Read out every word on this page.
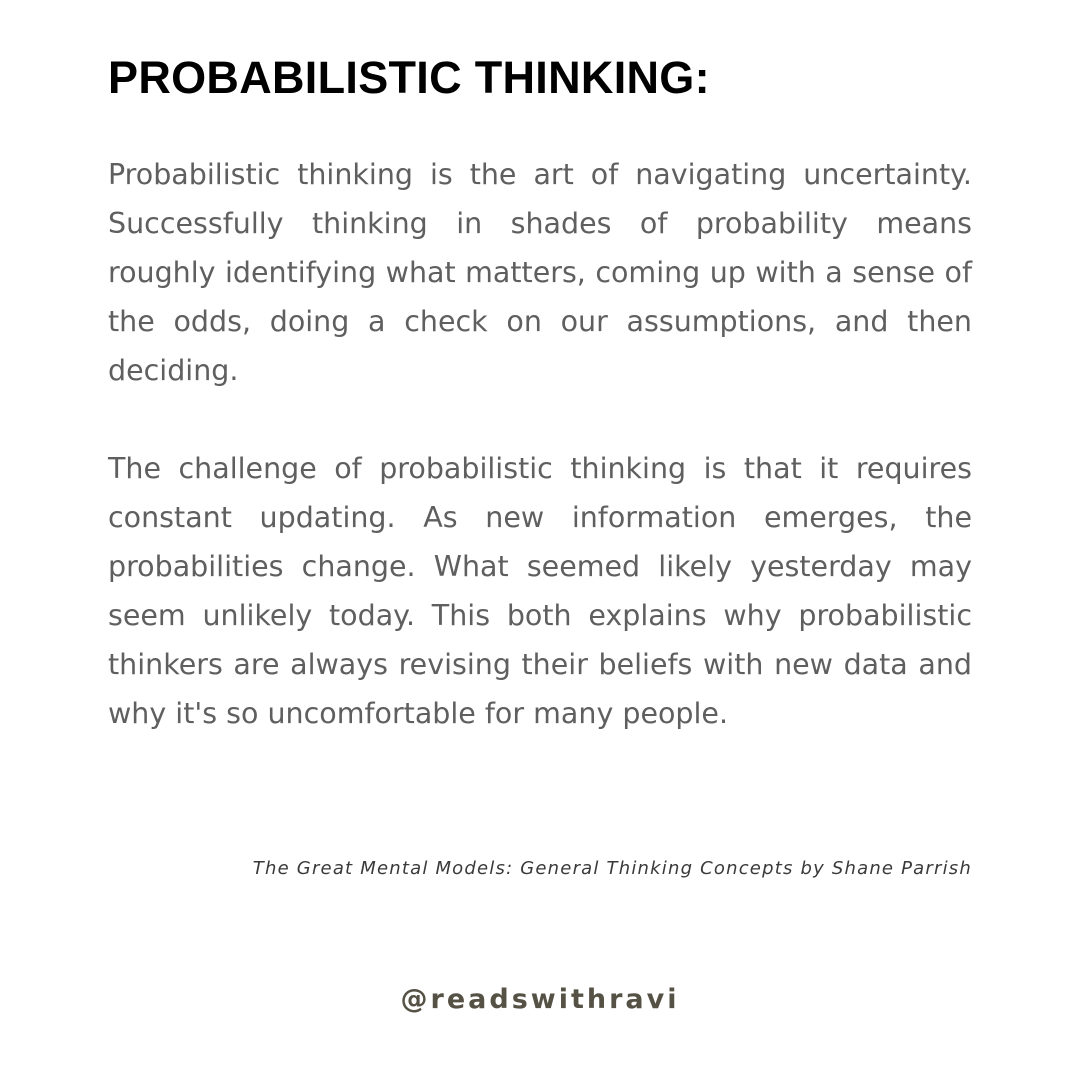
PROBABILISTIC THINKING:

Probabilistic thinking is the art of navigating uncertainty. Successfully thinking in shades of probability means roughly identifying what matters, coming up with a sense of the odds, doing a check on our assumptions, and then deciding.

The challenge of probabilistic thinking is that it requires constant updating. As new information emerges, the probabilities change. What seemed likely yesterday may seem unlikely today. This both explains why probabilistic thinkers are always revising their beliefs with new data and why it's so uncomfortable for many people.

The Great Mental Models: General Thinking Concepts by Shane Parrish
@readswithravi
